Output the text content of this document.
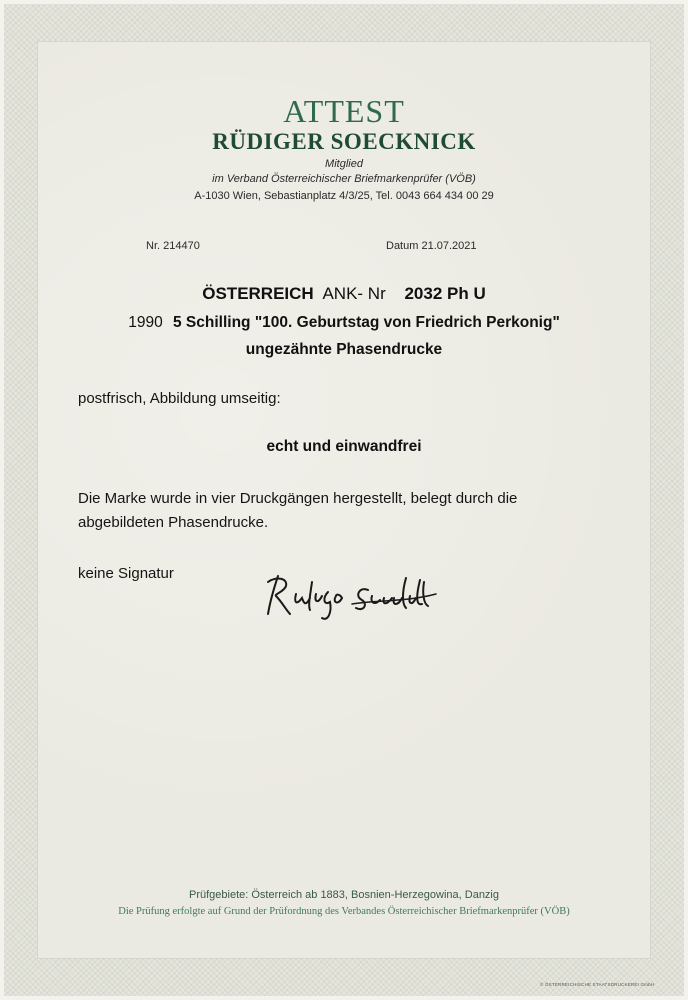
ATTEST
RÜDIGER SOECKNICK
Mitglied
im Verband Österreichischer Briefmarkenprüfer (VÖB)
A-1030 Wien, Sebastianplatz 4/3/25, Tel. 0043 664 434 00 29
Nr. 214470	Datum 21.07.2021
ÖSTERREICH ANK- Nr 2032 Ph U
1990 5 Schilling "100. Geburtstag von Friedrich Perkonig"
ungezähnte Phasendrucke
postfrisch, Abbildung umseitig:
echt und einwandfrei
Die Marke wurde in vier Druckgängen hergestellt, belegt durch die
abgebildeten Phasendrucke.
keine Signatur
Prüfgebiete: Österreich ab 1883, Bosnien-Herzegowina, Danzig
Die Prüfung erfolgte auf Grund der Prüfordnung des Verbandes Österreichischer Briefmarkenprüfer (VÖB)
© ÖSTERREICHISCHE STAATSDRUCKEREI GmbH
